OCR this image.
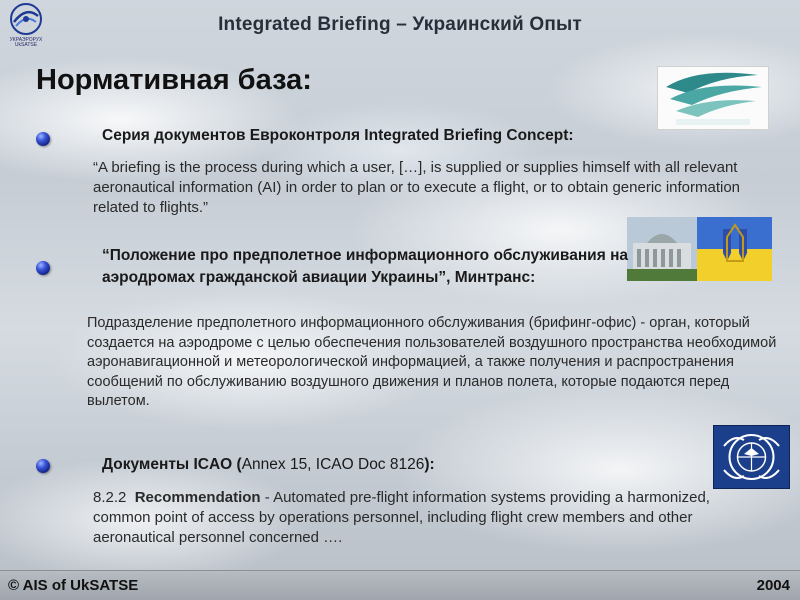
УКРАЭРОРУХ UkSATSE
Integrated Briefing – Украинский Опыт
Нормативная база:
Серия документов Евроконтроля Integrated Briefing Concept:
“A briefing is the process during which a user, […], is supplied or supplies himself with all relevant aeronautical information (AI) in order to plan or to execute a flight, or to obtain generic information related to flights.”
“Положение про предполетное информационного обслуживания на аэродромах гражданской авиации Украины”, Минтранс:
Подразделение предполетного информационного обслуживания (брифинг-офис) - орган, который создается на аэродроме с целью обеспечения пользователей воздушного пространства необходимой аэронавигационной и метеорологической информацией, а также получения и распространения сообщений по обслуживанию воздушного движения и планов полета, которые подаются перед вылетом.
Документы ICAO (Annex 15, ICAO Doc 8126):
8.2.2 Recommendation - Automated pre-flight information systems providing a harmonized, common point of access by operations personnel, including flight crew members and other aeronautical personnel concerned ….
© AIS of UkSATSE	2004
